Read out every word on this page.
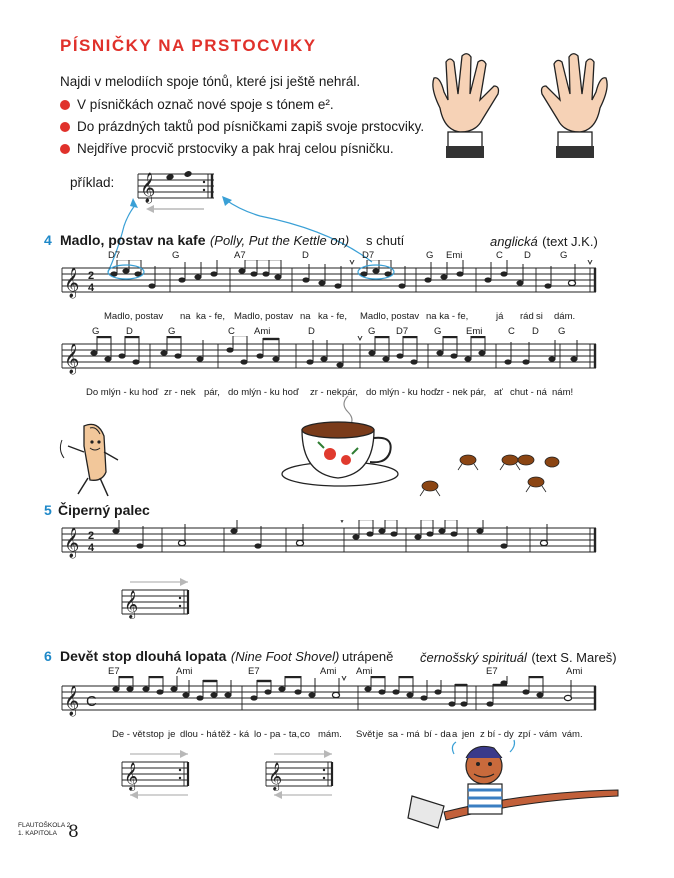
PÍSNIČKY NA PRSTOCVIKY
Najdi v melodiích spoje tónů, které jsi ještě nehrál.
V písničkách označ nové spoje s tónem e².
Do prázdných taktů pod písničkami zapiš svoje prstocviky.
Nejdříve procvič prstocviky a pak hraj celou písničku.
příklad: 𝄞
4 Madlo, postav na kafe (Polly, Put the Kettle on) s chutí	anglická (text J.K.)
D7	G	A7	D	D7	G Emi	C D	G
𝄞 2
4
Madlo, postav na ka - fe, Madlo, postav na ka - fe, Madlo, postav na ka - fe,	já rád si dám.
G	D	G	C Ami	D	G D7	G	Emi	C D G
𝄞
Do mlýn - ku hoď zr - nek pár, do mlýn - ku hoď zr - nek pár, do mlýn - ku hoď zr - nek pár, ať chut - ná nám!
5 Čiperný palec
𝄞 2
4
𝄞
6 Devět stop dlouhá lopata (Nine Foot Shovel) utrápeně černošský spirituál (text S. Mareš)
E7	Ami	E7	Ami Ami	E7	Ami
𝄞 C
De - vět stop je dlou - há těž - ká lo - pa - ta, co mám. Svět je sa - má bí - da a jen z bí - dy zpí - vám vám.
𝄞	𝄞
FLAUTOŠKOLA 2
1. KAPITOLA 8
